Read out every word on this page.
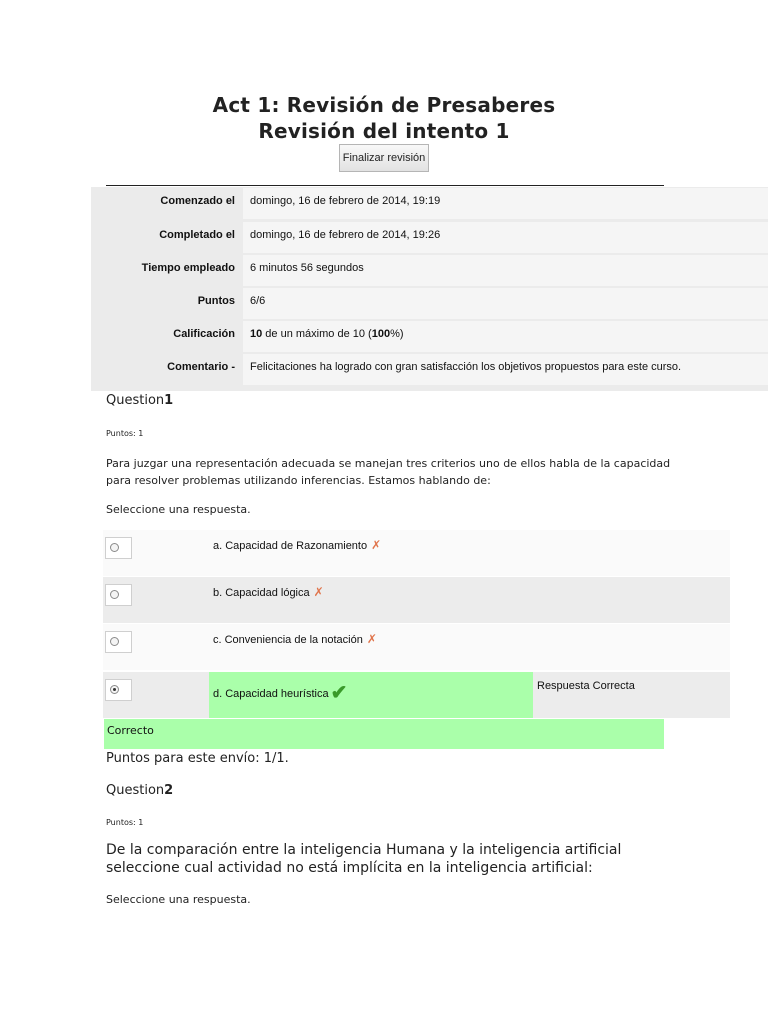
Act 1: Revisión de Presaberes
Revisión del intento 1
Finalizar revisión
Comenzado el domingo, 16 de febrero de 2014, 19:19
Completado el domingo, 16 de febrero de 2014, 19:26
Tiempo empleado 6 minutos 56 segundos
Puntos 6/6
Calificación 10 de un máximo de 10 (100%)
Comentario - Felicitaciones ha logrado con gran satisfacción los objetivos propuestos para este curso.
Question1
Puntos: 1
Para juzgar una representación adecuada se manejan tres criterios uno de ellos habla de la capacidad para resolver problemas utilizando inferencias. Estamos hablando de:
Seleccione una respuesta.
a. Capacidad de Razonamiento ✗
b. Capacidad lógica ✗
c. Conveniencia de la notación ✗
d. Capacidad heurística ✔	Respuesta Correcta
Correcto
Puntos para este envío: 1/1.
Question2
Puntos: 1
De la comparación entre la inteligencia Humana y la inteligencia artificial seleccione cual actividad no está implícita en la inteligencia artificial:
Seleccione una respuesta.
